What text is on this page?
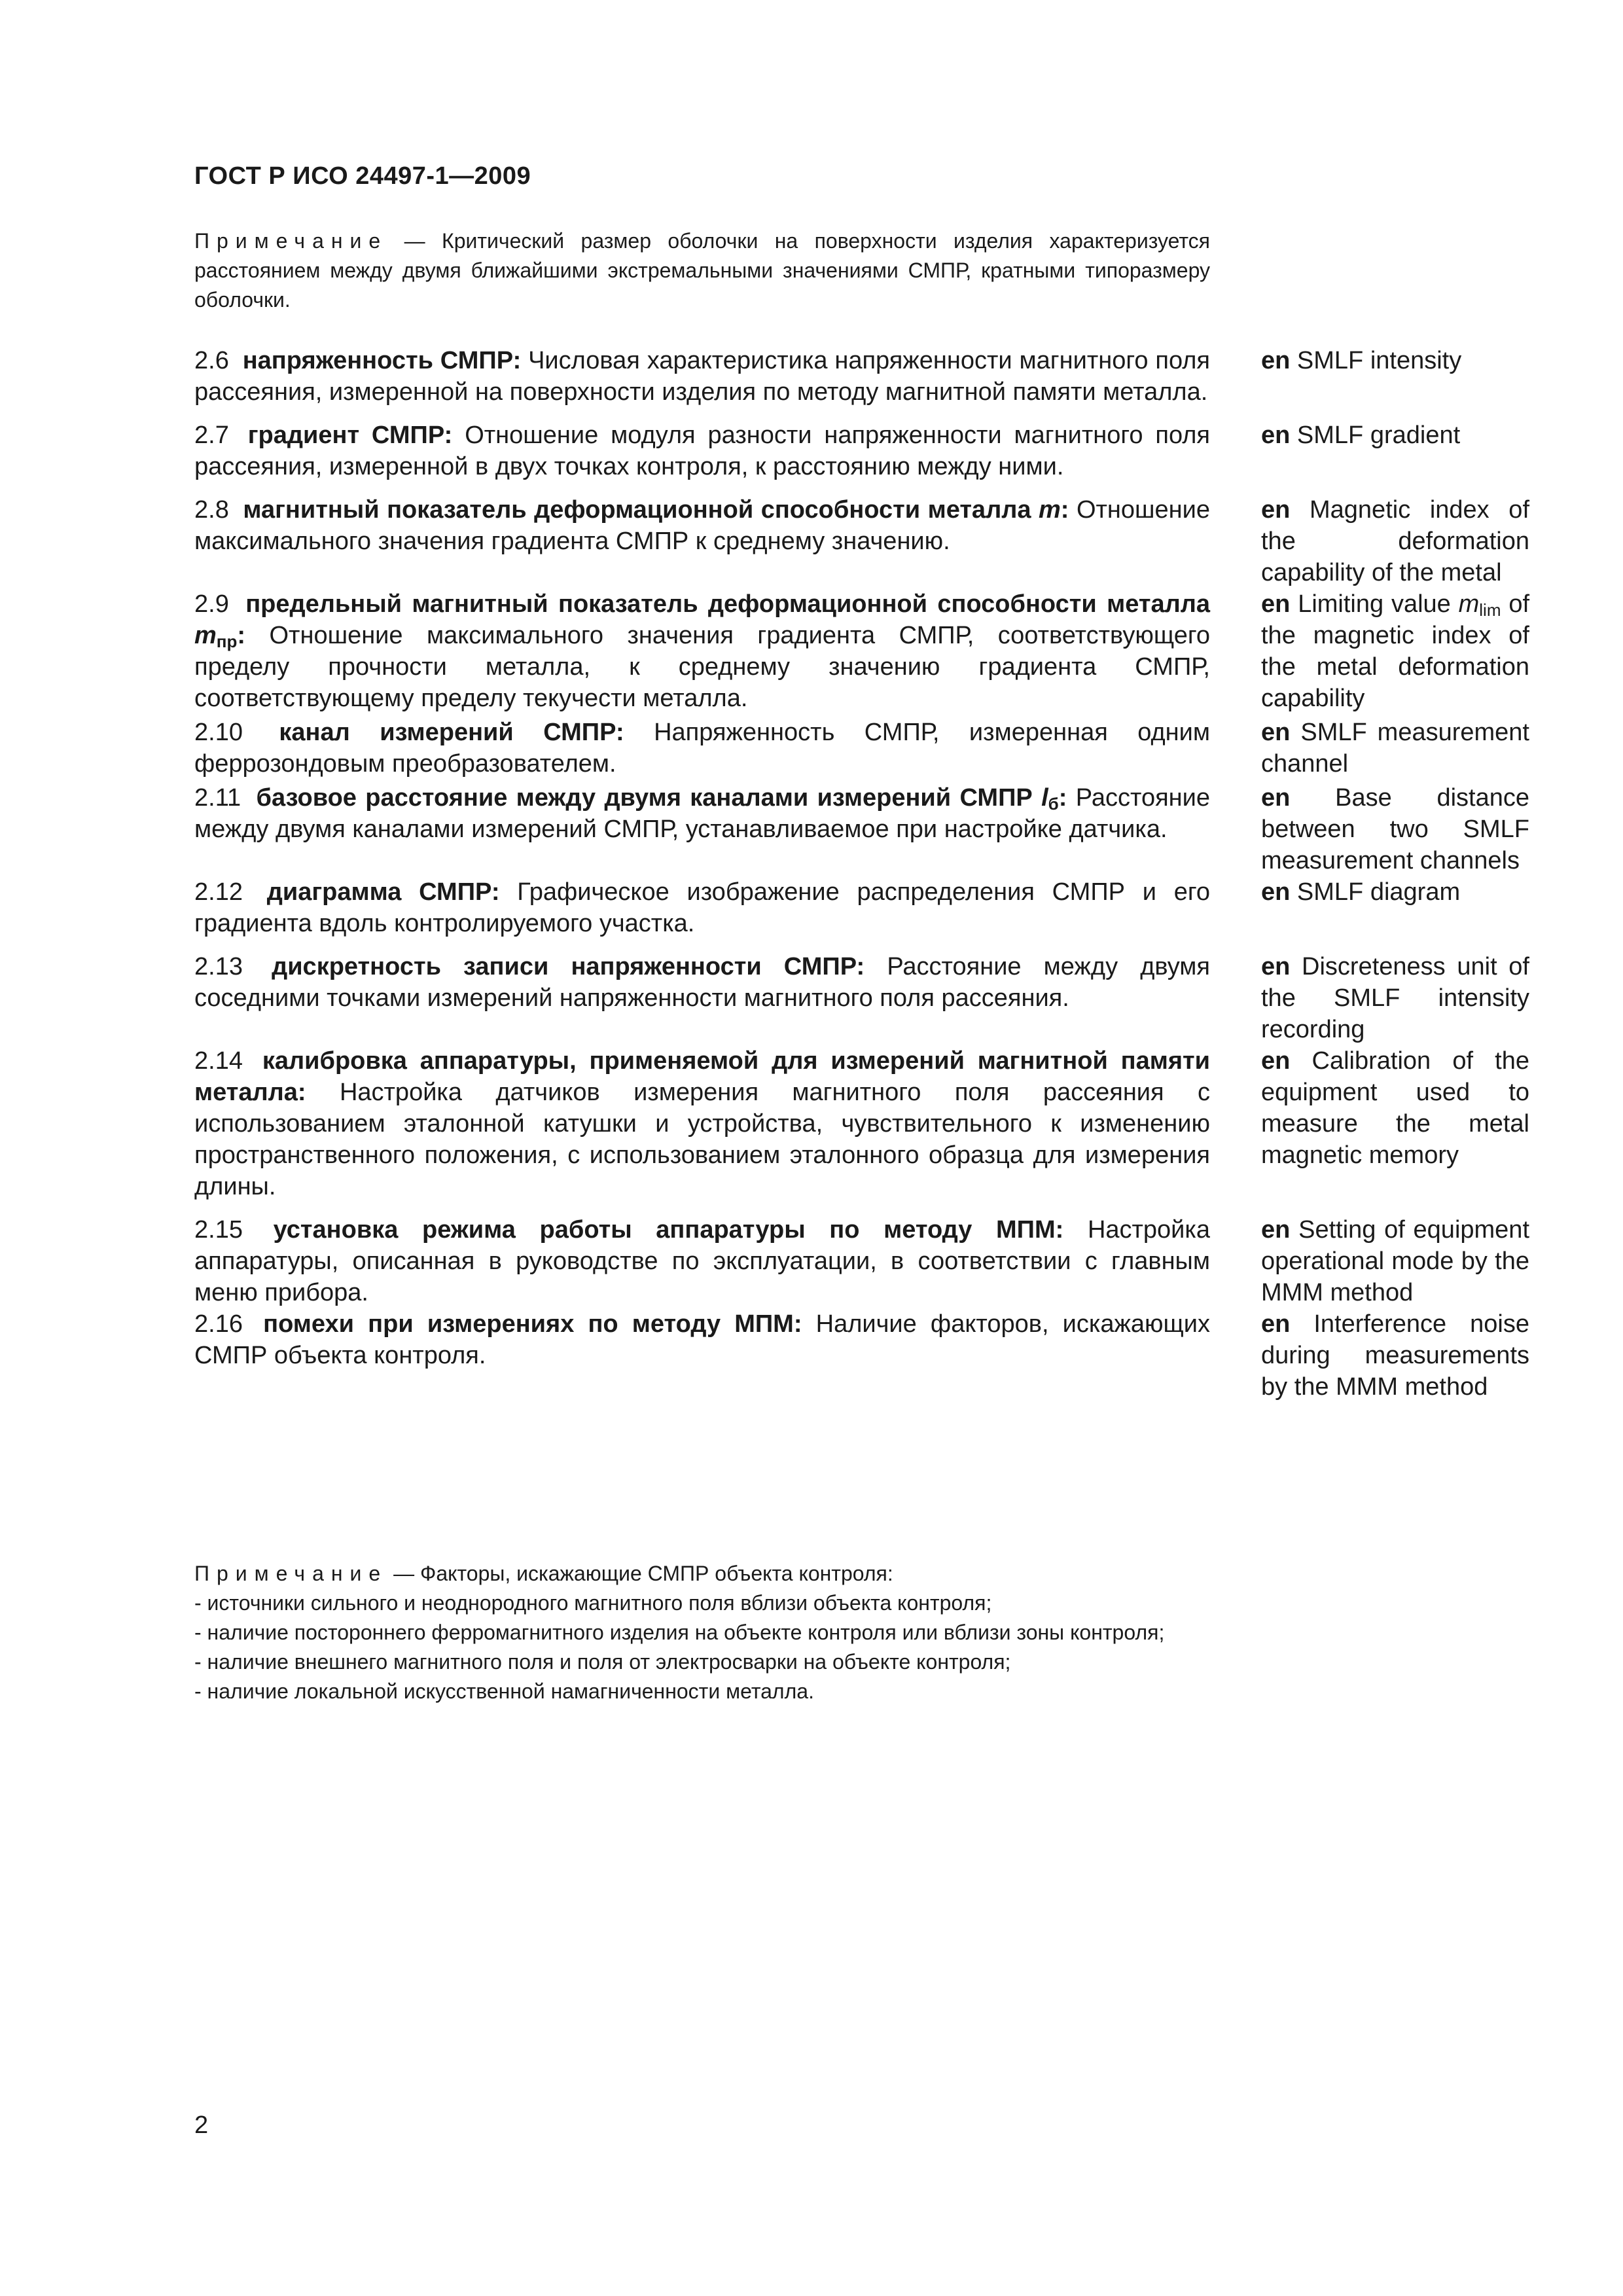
ГОСТ Р ИСО 24497-1—2009
Примечание — Критический размер оболочки на поверхности изделия характеризуется расстоянием между двумя ближайшими экстремальными значениями СМПР, кратными типоразмеру оболочки.
2.6 напряженность СМПР: Числовая характеристика напряженности магнитного поля рассеяния, измеренной на поверхности изделия по методу магнитной памяти металла.
en SMLF intensity
2.7 градиент СМПР: Отношение модуля разности напряженности магнитного поля рассеяния, измеренной в двух точках контроля, к расстоянию между ними.
en SMLF gradient
2.8 магнитный показатель деформационной способности металла m: Отношение максимального значения градиента СМПР к среднему значению.
en Magnetic index of the deformation capability of the metal
2.9 предельный магнитный показатель деформационной способности металла $m_{пр}$: Отношение максимального значения градиента СМПР, соответствующего пределу прочности металла, к среднему значению градиента СМПР, соответствующему пределу текучести металла.
en Limiting value $m_{lim}$ of the magnetic index of the metal deformation capability
2.10 канал измерений СМПР: Напряженность СМПР, измеренная одним феррозондовым преобразователем.
en SMLF measurement channel
2.11 базовое расстояние между двумя каналами измерений СМПР $l_б$: Расстояние между двумя каналами измерений СМПР, устанавливаемое при настройке датчика.
en Base distance between two SMLF measurement channels
2.12 диаграмма СМПР: Графическое изображение распределения СМПР и его градиента вдоль контролируемого участка.
en SMLF diagram
2.13 дискретность записи напряженности СМПР: Расстояние между двумя соседними точками измерений напряженности магнитного поля рассеяния.
en Discreteness unit of the SMLF intensity recording
2.14 калибровка аппаратуры, применяемой для измерений магнитной памяти металла: Настройка датчиков измерения магнитного поля рассеяния с использованием эталонной катушки и устройства, чувствительного к изменению пространственного положения, с использованием эталонного образца для измерения длины.
en Calibration of the equipment used to measure the metal magnetic memory
2.15 установка режима работы аппаратуры по методу МПМ: Настройка аппаратуры, описанная в руководстве по эксплуатации, в соответствии с главным меню прибора.
en Setting of equipment operational mode by the MMM method
2.16 помехи при измерениях по методу МПМ: Наличие факторов, искажающих СМПР объекта контроля.
en Interference noise during measurements by the MMM method
Примечание — Факторы, искажающие СМПР объекта контроля:
- источники сильного и неоднородного магнитного поля вблизи объекта контроля;
- наличие постороннего ферромагнитного изделия на объекте контроля или вблизи зоны контроля;
- наличие внешнего магнитного поля и поля от электросварки на объекте контроля;
- наличие локальной искусственной намагниченности металла.
2
